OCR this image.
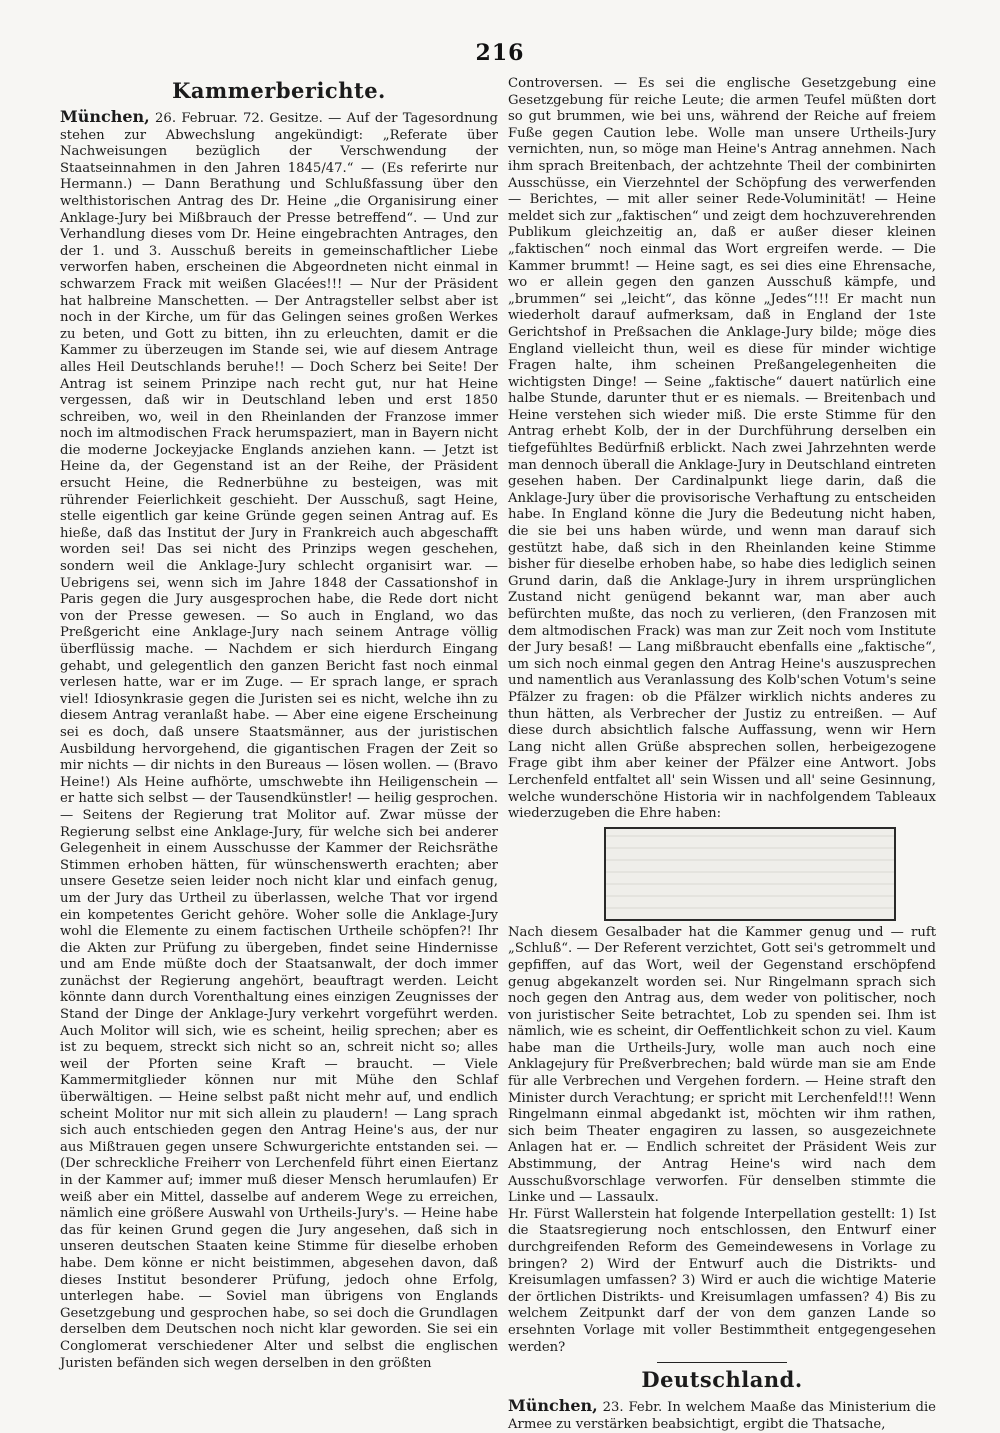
216
Kammerberichte.

München, 26. Februar. 72. Gesitze. — Auf der Tagesordnung stehen zur Abwechslung angekündigt: „Referate über Nachweisungen bezüglich der Verschwendung der Staatseinnahmen in den Jahren 1845/47.“ — (Es referirte nur Hermann.) — Dann Berathung und Schlußfassung über den welthistorischen Antrag des Dr. Heine „die Organisirung einer Anklage-Jury bei Mißbrauch der Presse betreffend“. — Und zur Verhandlung dieses vom Dr. Heine eingebrachten Antrages, den der 1. und 3. Ausschuß bereits in gemeinschaftlicher Liebe verworfen haben, erscheinen die Abgeordneten nicht einmal in schwarzem Frack mit weißen Glacées!!! — Nur der Präsident hat halbreine Manschetten. — Der Antragsteller selbst aber ist noch in der Kirche, um für das Gelingen seines großen Werkes zu beten, und Gott zu bitten, ihn zu erleuchten, damit er die Kammer zu überzeugen im Stande sei, wie auf diesem Antrage alles Heil Deutschlands beruhe!! — Doch Scherz bei Seite! Der Antrag ist seinem Prinzipe nach recht gut, nur hat Heine vergessen, daß wir in Deutschland leben und erst 1850 schreiben, wo, weil in den Rheinlanden der Franzose immer noch im altmodischen Frack herumspaziert, man in Bayern nicht die moderne Jockeyjacke Englands anziehen kann. — Jetzt ist Heine da, der Gegenstand ist an der Reihe, der Präsident ersucht Heine, die Rednerbühne zu besteigen, was mit rührender Feierlichkeit geschieht. Der Ausschuß, sagt Heine, stelle eigentlich gar keine Gründe gegen seinen Antrag auf. Es hieße, daß das Institut der Jury in Frankreich auch abgeschafft worden sei! Das sei nicht des Prinzips wegen geschehen, sondern weil die Anklage-Jury schlecht organisirt war. — Uebrigens sei, wenn sich im Jahre 1848 der Cassationshof in Paris gegen die Jury ausgesprochen habe, die Rede dort nicht von der Presse gewesen. — So auch in England, wo das Preßgericht eine Anklage-Jury nach seinem Antrage völlig überflüssig mache. — Nachdem er sich hierdurch Eingang gehabt, und gelegentlich den ganzen Bericht fast noch einmal verlesen hatte, war er im Zuge. — Er sprach lange, er sprach viel! Idiosynkrasie gegen die Juristen sei es nicht, welche ihn zu diesem Antrag veranlaßt habe. — Aber eine eigene Erscheinung sei es doch, daß unsere Staatsmänner, aus der juristischen Ausbildung hervorgehend, die gigantischen Fragen der Zeit so mir nichts — dir nichts in den Bureaus — lösen wollen. — (Bravo Heine!) Als Heine aufhörte, umschwebte ihn Heiligenschein — er hatte sich selbst — der Tausendkünstler! — heilig gesprochen. — Seitens der Regierung trat Molitor auf. Zwar müsse der Regierung selbst eine Anklage-Jury, für welche sich bei anderer Gelegenheit in einem Ausschusse der Kammer der Reichsräthe Stimmen erhoben hätten, für wünschenswerth erachten; aber unsere Gesetze seien leider noch nicht klar und einfach genug, um der Jury das Urtheil zu überlassen, welche That vor irgend ein kompetentes Gericht gehöre. Woher solle die Anklage-Jury wohl die Elemente zu einem factischen Urtheile schöpfen?! Ihr die Akten zur Prüfung zu übergeben, findet seine Hindernisse und am Ende müßte doch der Staatsanwalt, der doch immer zunächst der Regierung angehört, beauftragt werden. Leicht könnte dann durch Vorenthaltung eines einzigen Zeugnisses der Stand der Dinge der Anklage-Jury verkehrt vorgeführt werden. Auch Molitor will sich, wie es scheint, heilig sprechen; aber es ist zu bequem, streckt sich nicht so an, schreit nicht so; alles weil der Pforten seine Kraft — braucht. — Viele Kammermitglieder können nur mit Mühe den Schlaf überwältigen. — Heine selbst paßt nicht mehr auf, und endlich scheint Molitor nur mit sich allein zu plaudern! — Lang sprach sich auch entschieden gegen den Antrag Heine's aus, der nur aus Mißtrauen gegen unsere Schwurgerichte entstanden sei. — (Der schreckliche Freiherr von Lerchenfeld führt einen Eiertanz in der Kammer auf; immer muß dieser Mensch herumlaufen) Er weiß aber ein Mittel, dasselbe auf anderem Wege zu erreichen, nämlich eine größere Auswahl von Urtheils-Jury's. — Heine habe das für keinen Grund gegen die Jury angesehen, daß sich in unseren deutschen Staaten keine Stimme für dieselbe erhoben habe. Dem könne er nicht beistimmen, abgesehen davon, daß dieses Institut besonderer Prüfung, jedoch ohne Erfolg, unterlegen habe. — Soviel man übrigens von Englands Gesetzgebung und gesprochen habe, so sei doch die Grundlagen derselben dem Deutschen noch nicht klar geworden. Sie sei ein Conglomerat verschiedener Alter und selbst die englischen Juristen befänden sich wegen derselben in den größten

Controversen. — Es sei die englische Gesetzgebung eine Gesetzgebung für reiche Leute; die armen Teufel müßten dort so gut brummen, wie bei uns, während der Reiche auf freiem Fuße gegen Caution lebe. Wolle man unsere Urtheils-Jury vernichten, nun, so möge man Heine's Antrag annehmen. Nach ihm sprach Breitenbach, der achtzehnte Theil der combinirten Ausschüsse, ein Vierzehntel der Schöpfung des verwerfenden — Berichtes, — mit aller seiner Rede-Voluminität! — Heine meldet sich zur „faktischen“ und zeigt dem hochzuverehrenden Publikum gleichzeitig an, daß er außer dieser kleinen „faktischen“ noch einmal das Wort ergreifen werde. — Die Kammer brummt! — Heine sagt, es sei dies eine Ehrensache, wo er allein gegen den ganzen Ausschuß kämpfe, und „brummen“ sei „leicht“, das könne „Jedes“!!! Er macht nun wiederholt darauf aufmerksam, daß in England der 1ste Gerichtshof in Preßsachen die Anklage-Jury bilde; möge dies England vielleicht thun, weil es diese für minder wichtige Fragen halte, ihm scheinen Preßangelegenheiten die wichtigsten Dinge! — Seine „faktische“ dauert natürlich eine halbe Stunde, darunter thut er es niemals. — Breitenbach und Heine verstehen sich wieder miß. Die erste Stimme für den Antrag erhebt Kolb, der in der Durchführung derselben ein tiefgefühltes Bedürfniß erblickt. Nach zwei Jahrzehnten werde man dennoch überall die Anklage-Jury in Deutschland eintreten gesehen haben. Der Cardinalpunkt liege darin, daß die Anklage-Jury über die provisorische Verhaftung zu entscheiden habe. In England könne die Jury die Bedeutung nicht haben, die sie bei uns haben würde, und wenn man darauf sich gestützt habe, daß sich in den Rheinlanden keine Stimme bisher für dieselbe erhoben habe, so habe dies lediglich seinen Grund darin, daß die Anklage-Jury in ihrem ursprünglichen Zustand nicht genügend bekannt war, man aber auch befürchten mußte, das noch zu verlieren, (den Franzosen mit dem altmodischen Frack) was man zur Zeit noch vom Institute der Jury besaß! — Lang mißbraucht ebenfalls eine „faktische“, um sich noch einmal gegen den Antrag Heine's auszusprechen und namentlich aus Veranlassung des Kolb'schen Votum's seine Pfälzer zu fragen: ob die Pfälzer wirklich nichts anderes zu thun hätten, als Verbrecher der Justiz zu entreißen. — Auf diese durch absichtlich falsche Auffassung, wenn wir Hern Lang nicht allen Grüße absprechen sollen, herbeigezogene Frage gibt ihm aber keiner der Pfälzer eine Antwort. Jobs Lerchenfeld entfaltet all' sein Wissen und all' seine Gesinnung, welche wunderschöne Historia wir in nachfolgendem Tableaux wiederzugeben die Ehre haben:

Nach diesem Gesalbader hat die Kammer genug und — ruft „Schluß“. — Der Referent verzichtet, Gott sei's getrommelt und gepfiffen, auf das Wort, weil der Gegenstand erschöpfend genug abgekanzelt worden sei. Nur Ringelmann sprach sich noch gegen den Antrag aus, dem weder von politischer, noch von juristischer Seite betrachtet, Lob zu spenden sei. Ihm ist nämlich, wie es scheint, dir Oeffentlichkeit schon zu viel. Kaum habe man die Urtheils-Jury, wolle man auch noch eine Anklagejury für Preßverbrechen; bald würde man sie am Ende für alle Verbrechen und Vergehen fordern. — Heine straft den Minister durch Verachtung; er spricht mit Lerchenfeld!!! Wenn Ringelmann einmal abgedankt ist, möchten wir ihm rathen, sich beim Theater engagiren zu lassen, so ausgezeichnete Anlagen hat er. — Endlich schreitet der Präsident Weis zur Abstimmung, der Antrag Heine's wird nach dem Ausschußvorschlage verworfen. Für denselben stimmte die Linke und — Lassaulx.

Hr. Fürst Wallerstein hat folgende Interpellation gestellt: 1) Ist die Staatsregierung noch entschlossen, den Entwurf einer durchgreifenden Reform des Gemeindewesens in Vorlage zu bringen? 2) Wird der Entwurf auch die Distrikts- und Kreisumlagen umfassen? 3) Wird er auch die wichtige Materie der örtlichen Distrikts- und Kreisumlagen umfassen? 4) Bis zu welchem Zeitpunkt darf der von dem ganzen Lande so ersehnten Vorlage mit voller Bestimmtheit entgegengesehen werden?

Deutschland.

München, 23. Febr. In welchem Maaße das Ministerium die Armee zu verstärken beabsichtigt, ergibt die Thatsache,
